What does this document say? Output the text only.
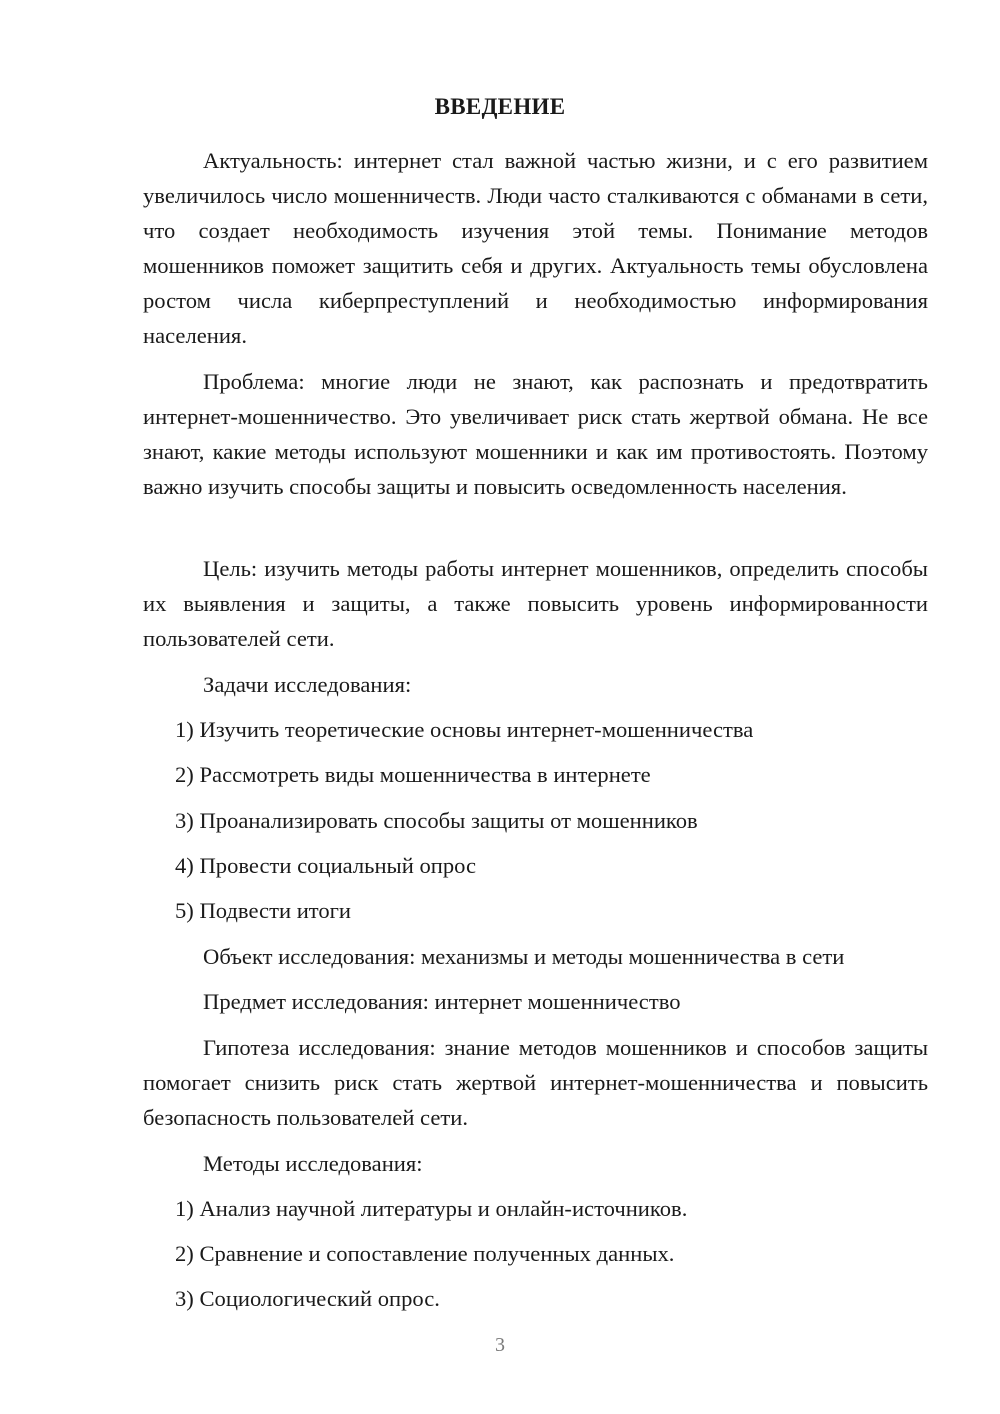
ВВЕДЕНИЕ

Актуальность: интернет стал важной частью жизни, и с его развитием увеличилось число мошенничеств. Люди часто сталкиваются с обманами в сети, что создает необходимость изучения этой темы. Понимание методов мошенников поможет защитить себя и других. Актуальность темы обусловлена ростом числа киберпреступлений и необходимостью информирования населения.

Проблема: многие люди не знают, как распознать и предотвратить интернет-мошенничество. Это увеличивает риск стать жертвой обмана. Не все знают, какие методы используют мошенники и как им противостоять. Поэтому важно изучить способы защиты и повысить осведомленность населения.

Цель: изучить методы работы интернет мошенников, определить способы их выявления и защиты, а также повысить уровень информированности пользователей сети.

Задачи исследования:

1) Изучить теоретические основы интернет-мошенничества

2) Рассмотреть виды мошенничества в интернете

3) Проанализировать способы защиты от мошенников

4) Провести социальный опрос

5) Подвести итоги

Объект исследования: механизмы и методы мошенничества в сети

Предмет исследования: интернет мошенничество

Гипотеза исследования: знание методов мошенников и способов защиты помогает снизить риск стать жертвой интернет-мошенничества и повысить безопасность пользователей сети.

Методы исследования:

1) Анализ научной литературы и онлайн-источников.

2) Сравнение и сопоставление полученных данных.

3) Социологический опрос.

3
